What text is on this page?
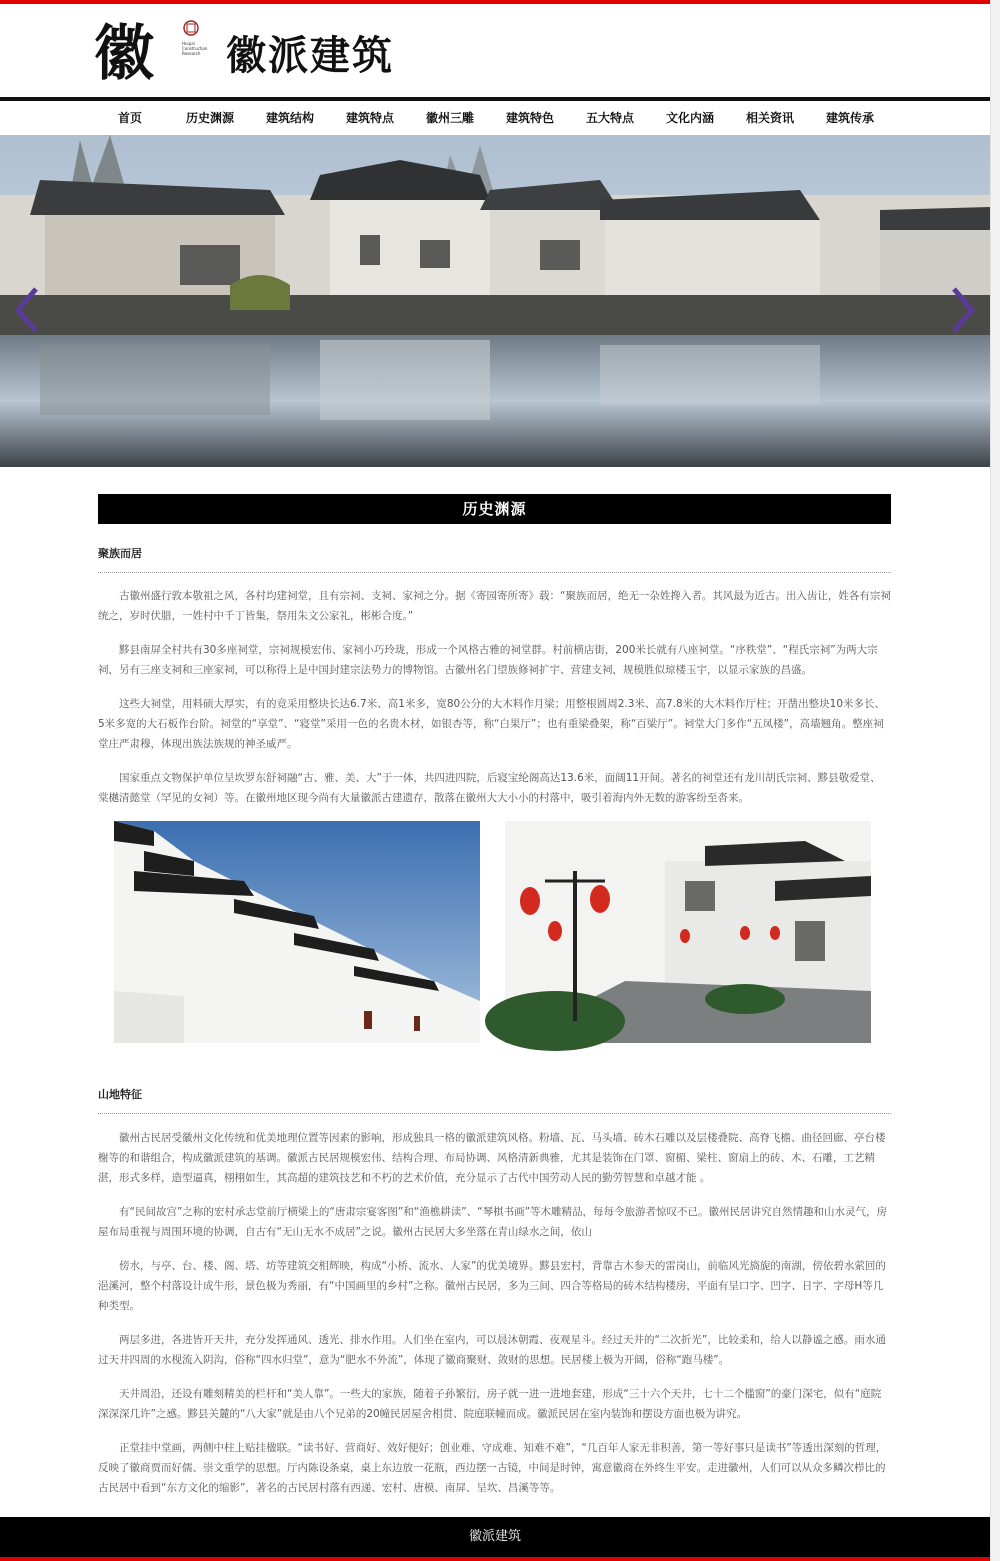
徽	Huipai
Construction
Research 徽派建筑
首页	历史渊源	建筑结构	建筑特点	徽州三雕	建筑特色	五大特点	文化内涵	相关资讯	建筑传承
历史渊源
聚族而居

古徽州盛行敦本敬祖之风，各村均建祠堂，且有宗祠、支祠、家祠之分。据《寄园寄所寄》载：“聚族而居，绝无一杂姓搀入者。其风最为近古。出入齿让，姓各有宗祠统之，岁时伏腊，一姓村中千丁皆集，祭用朱文公家礼，彬彬合度。”

黟县南屏全村共有30多座祠堂，宗祠规模宏伟、家祠小巧玲珑，形成一个风格古雅的祠堂群。村前横店街，200米长就有八座祠堂。“序秩堂”、“程氏宗祠”为两大宗祠，另有三座支祠和三座家祠，可以称得上是中国封建宗法势力的博物馆。古徽州名门望族修祠扩宇、营建支祠，规模胜似琼楼玉宇，以显示家族的昌盛。

这些大祠堂，用料硕大厚实，有的竟采用整块长达6.7米、高1米多，宽80公分的大木料作月梁；用整根圆周2.3米、高7.8米的大木料作厅柱；开凿出整块10米多长、5米多宽的大石板作台阶。祠堂的“享堂”、“寝堂”采用一色的名贵木材，如银杏等，称“白果厅”；也有重梁叠架，称“百梁厅”。祠堂大门多作“五凤楼”，高墙翘角。整座祠堂庄严肃穆，体现出族法族规的神圣威严。

国家重点文物保护单位呈坎罗东舒祠融“古、雅、美、大”于一体，共四进四院，后寝宝纶阁高达13.6米，面阔11开间。著名的祠堂还有龙川胡氏宗祠、黟县敬爱堂、棠樾清懿堂（罕见的女祠）等。在徽州地区现今尚有大量徽派古建遗存，散落在徽州大大小小的村落中，吸引着海内外无数的游客纷至沓来。

山地特征

徽州古民居受徽州文化传统和优美地理位置等因素的影响，形成独具一格的徽派建筑风格。粉墙、瓦、马头墙、砖木石雕以及层楼叠院、高脊飞檐、曲径回廊、亭台楼榭等的和谐组合，构成徽派建筑的基调。徽派古民居规模宏伟、结构合理、布局协调、风格清新典雅，尤其是装饰在门罩、窗楣、梁柱、窗扇上的砖、木、石雕，工艺精湛，形式多样，造型逼真，栩栩如生，其高超的建筑技艺和不朽的艺术价值，充分显示了古代中国劳动人民的勤劳智慧和卓越才能 。

有“民间故宫”之称的宏村承志堂前厅横梁上的“唐肃宗宴客图”和“渔樵耕读”、“琴棋书画”等木雕精品，每每令旅游者惊叹不已。徽州民居讲究自然情趣和山水灵气，房屋布局重视与周围环境的协调，自古有“无山无水不成居”之说。徽州古民居大多坐落在青山绿水之间，依山

傍水，与亭、台、楼、阁、塔、坊等建筑交相辉映，构成“小桥、流水、人家”的优美境界。黟县宏村，背靠古木参天的雷岗山，前临风光旖旎的南湖，傍依碧水萦回的浥溪河，整个村落设计成牛形，景色极为秀丽，有“中国画里的乡村”之称。徽州古民居，多为三间、四合等格局的砖木结构楼房，平面有呈口字、凹字、日字、字母H等几种类型。

两层多进，各进皆开天井，充分发挥通风、透光、排水作用。人们坐在室内，可以晨沐朝霞、夜观星斗。经过天井的“二次折光”，比较柔和，给人以静谧之感。雨水通过天井四周的水枧流入阴沟，俗称“四水归堂”，意为“肥水不外流”，体现了徽商聚财、敛财的思想。民居楼上极为开阔，俗称“跑马楼”。

天井周沿，还设有雕刻精美的栏杆和“美人靠”。一些大的家族，随着子孙繁衍，房子就一进一进地套建，形成“三十六个天井，七十二个槛窗”的豪门深宅，似有“庭院深深深几许”之感。黟县关麓的“八大家”就是由八个兄弟的20幢民居屋舍相贯、院庭联幢而成。徽派民居在室内装饰和摆设方面也极为讲究。

正堂挂中堂画，两侧中柱上贴挂楹联。“读书好、营商好、效好便好；创业难、守成难、知难不难”，“几百年人家无非积善，第一等好事只是读书”等透出深刻的哲理，反映了徽商贾而好儒、崇文重学的思想。厅内陈设条桌，桌上东边放一花瓶，西边摆一古镜，中间是时钟，寓意徽商在外终生平安。走进徽州，人们可以从众多鳞次栉比的古民居中看到“东方文化的缩影”，著名的古民居村落有西递、宏村、唐模、南屏、呈坎、昌溪等等。

徽派建筑
